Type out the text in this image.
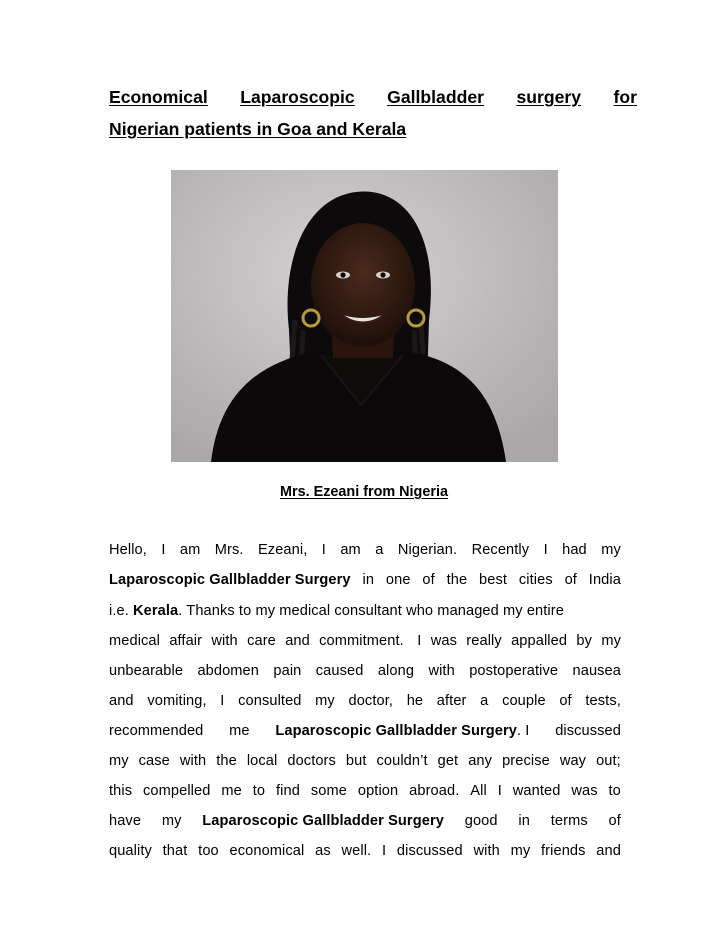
Economical Laparoscopic Gallbladder surgery for
Nigerian patients in Goa and Kerala
Mrs. Ezeani from Nigeria
Hello, I am Mrs. Ezeani, I am a Nigerian. Recently I had my
Laparoscopic Gallbladder Surgery in one of the best cities of India
i.e. Kerala . Thanks to my medical consultant who managed my entire
medical affair with care and commitment. I was really appalled by my
unbearable abdomen pain caused along with postoperative nausea
and vomiting, I consulted my doctor, he after a couple of tests,
recommended me Laparoscopic Gallbladder Surgery. I discussed
my case with the local doctors but couldn’t get any precise way out;
this compelled me to find some option abroad. All I wanted was to
have my Laparoscopic Gallbladder Surgery good in terms of
quality that too economical as well. I discussed with my friends and
